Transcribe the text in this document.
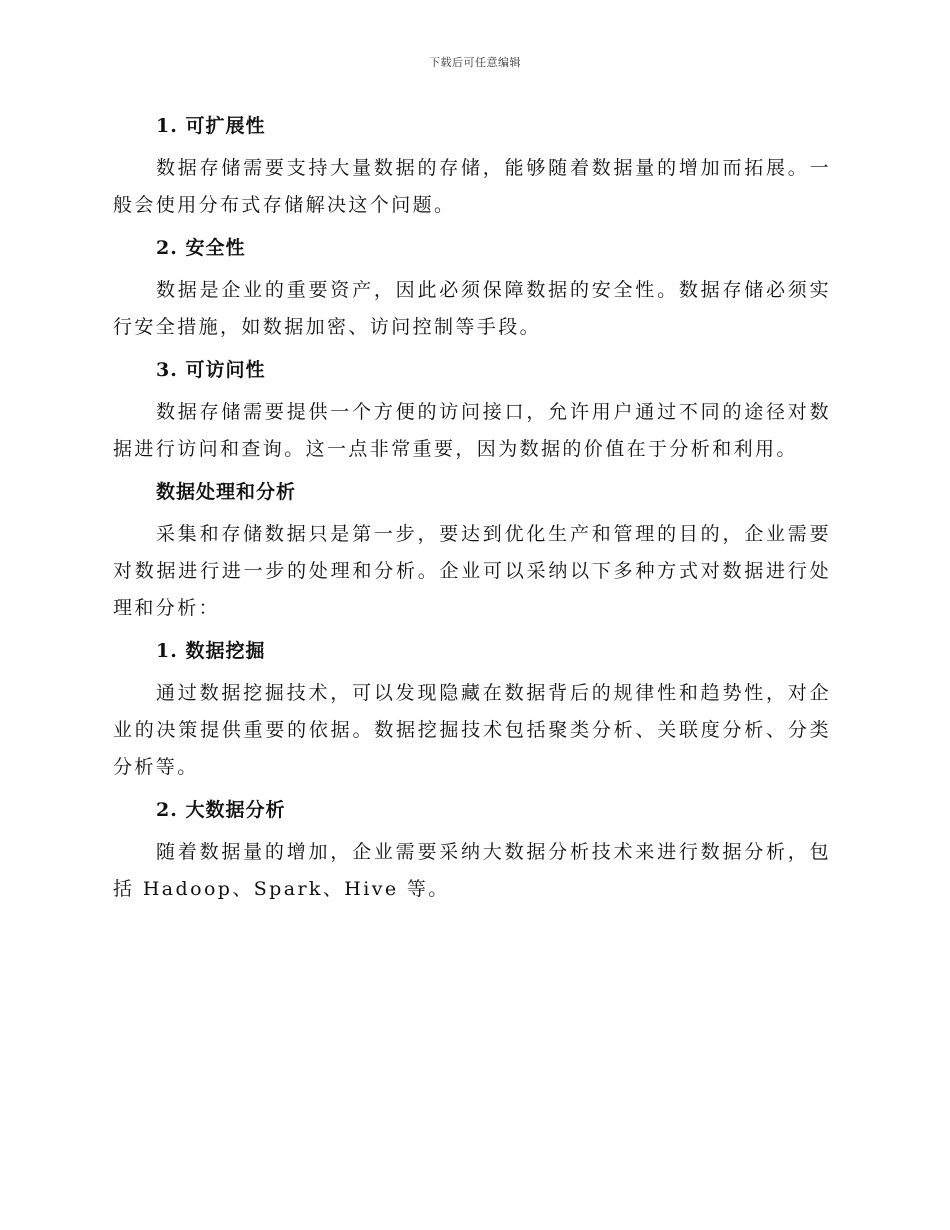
下载后可任意编辑

1. 可扩展性

数据存储需要支持大量数据的存储，能够随着数据量的增加而拓展。一般会使用分布式存储解决这个问题。

2. 安全性

数据是企业的重要资产，因此必须保障数据的安全性。数据存储必须实行安全措施，如数据加密、访问控制等手段。

3. 可访问性

数据存储需要提供一个方便的访问接口，允许用户通过不同的途径对数据进行访问和查询。这一点非常重要，因为数据的价值在于分析和利用。

数据处理和分析

采集和存储数据只是第一步，要达到优化生产和管理的目的，企业需要对数据进行进一步的处理和分析。企业可以采纳以下多种方式对数据进行处理和分析：

1. 数据挖掘

通过数据挖掘技术，可以发现隐藏在数据背后的规律性和趋势性，对企业的决策提供重要的依据。数据挖掘技术包括聚类分析、关联度分析、分类分析等。

2. 大数据分析

随着数据量的增加，企业需要采纳大数据分析技术来进行数据分析，包括 Hadoop、Spark、Hive 等。
